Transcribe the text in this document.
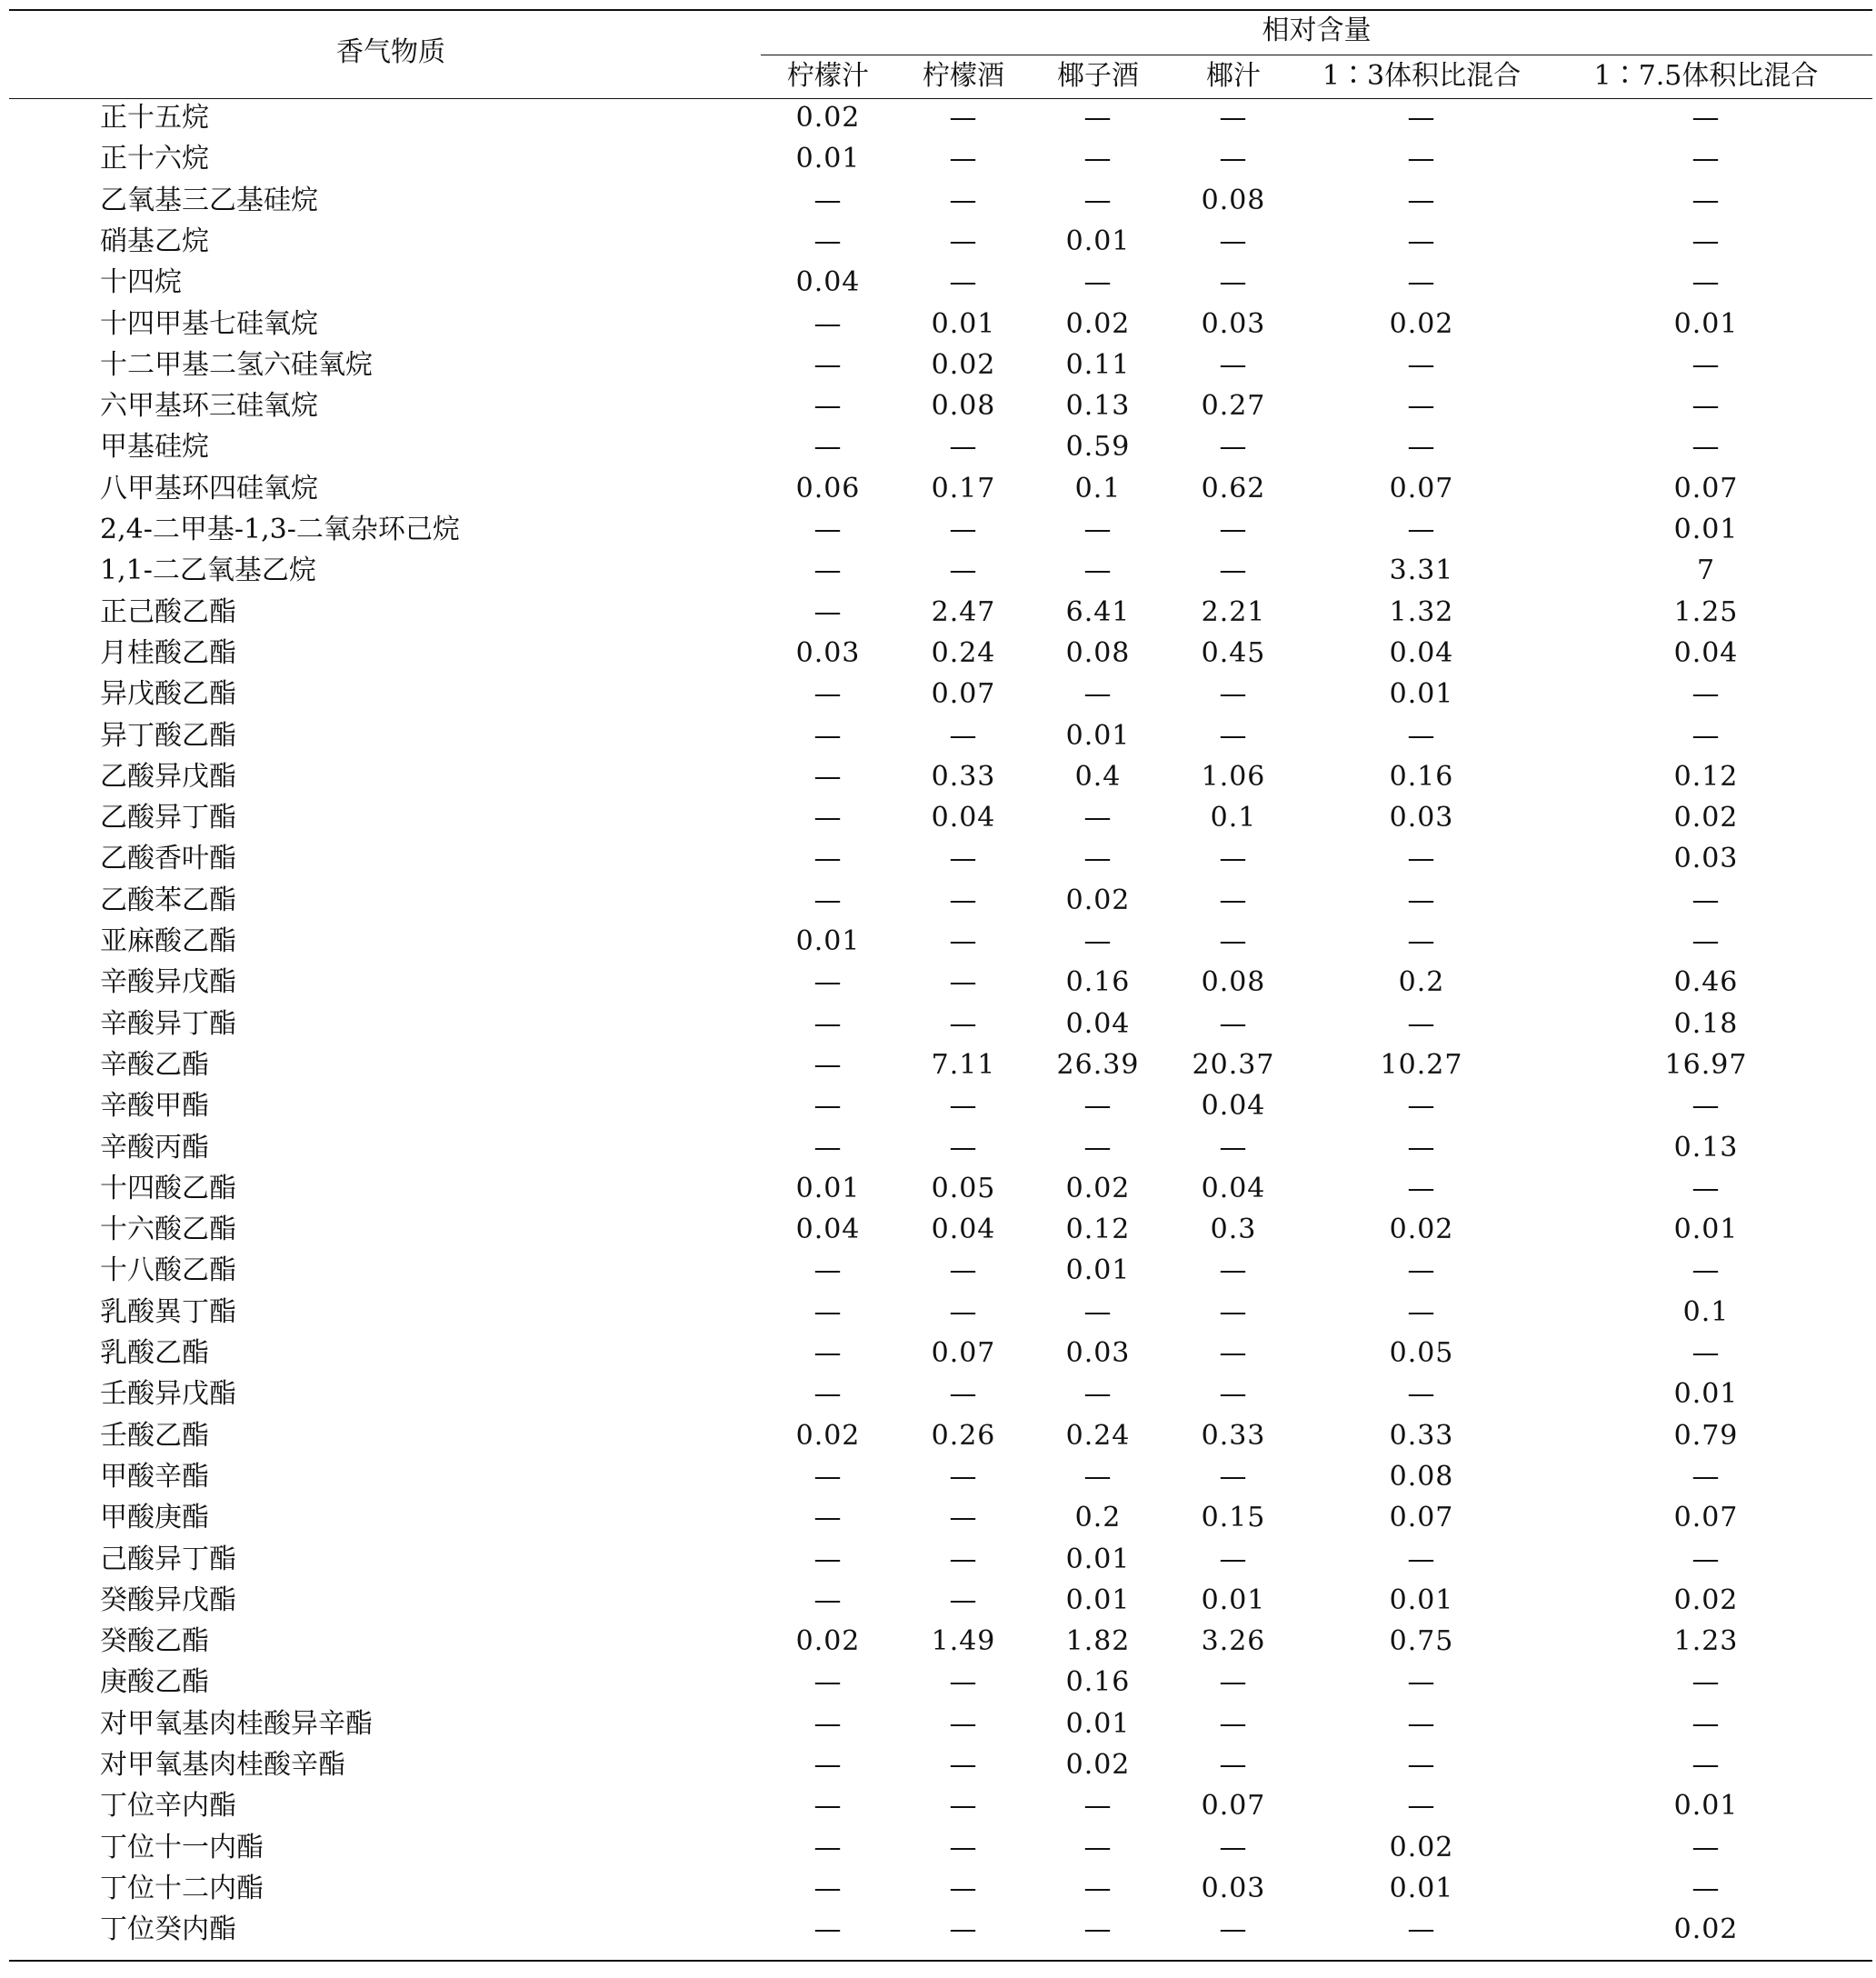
香气物质
相对含量
柠檬汁 柠檬酒 椰子酒 椰汁 1∶3体积比混合	1∶7.5体积比混合
正十五烷	0.02	—	—	—	—	—
正十六烷	0.01	—	—	—	—	—
乙氧基三乙基硅烷	—	—	—	0.08	—	—
硝基乙烷	—	—	0.01	—	—	—
十四烷	0.04	—	—	—	—	—
十四甲基七硅氧烷	—	0.01	0.02	0.03	0.02	0.01
十二甲基二氢六硅氧烷	—	0.02	0.11	—	—	—
六甲基环三硅氧烷	—	0.08	0.13	0.27	—	—
甲基硅烷	—	—	0.59	—	—	—
八甲基环四硅氧烷	0.06	0.17	0.1	0.62	0.07	0.07
2,4-二甲基-1,3-二氧杂环己烷	—	—	—	—	—	0.01
1,1-二乙氧基乙烷	—	—	—	—	3.31	7
正己酸乙酯	—	2.47	6.41	2.21	1.32	1.25
月桂酸乙酯	0.03	0.24	0.08	0.45	0.04	0.04
异戊酸乙酯	—	0.07	—	—	0.01	—
异丁酸乙酯	—	—	0.01	—	—	—
乙酸异戊酯	—	0.33	0.4	1.06	0.16	0.12
乙酸异丁酯	—	0.04	—	0.1	0.03	0.02
乙酸香叶酯	—	—	—	—	—	0.03
乙酸苯乙酯	—	—	0.02	—	—	—
亚麻酸乙酯	0.01	—	—	—	—	—
辛酸异戊酯	—	—	0.16	0.08	0.2	0.46
辛酸异丁酯	—	—	0.04	—	—	0.18
辛酸乙酯	—	7.11 26.39 20.37	10.27	16.97
辛酸甲酯	—	—	—	0.04	—	—
辛酸丙酯	—	—	—	—	—	0.13
十四酸乙酯	0.01	0.05	0.02	0.04	—	—
十六酸乙酯	0.04	0.04	0.12	0.3	0.02	0.01
十八酸乙酯	—	—	0.01	—	—	—
乳酸異丁酯	—	—	—	—	—	0.1
乳酸乙酯	—	0.07	0.03	—	0.05	—
壬酸异戊酯	—	—	—	—	—	0.01
壬酸乙酯	0.02	0.26	0.24	0.33	0.33	0.79
甲酸辛酯	—	—	—	—	0.08	—
甲酸庚酯	—	—	0.2	0.15	0.07	0.07
己酸异丁酯	—	—	0.01	—	—	—
癸酸异戊酯	—	—	0.01	0.01	0.01	0.02
癸酸乙酯	0.02	1.49	1.82	3.26	0.75	1.23
庚酸乙酯	—	—	0.16	—	—	—
对甲氧基肉桂酸异辛酯	—	—	0.01	—	—	—
对甲氧基肉桂酸辛酯	—	—	0.02	—	—	—
丁位辛内酯	—	—	—	0.07	—	0.01
丁位十一内酯	—	—	—	—	0.02	—
丁位十二内酯	—	—	—	0.03	0.01	—
丁位癸内酯	—	—	—	—	—	0.02
